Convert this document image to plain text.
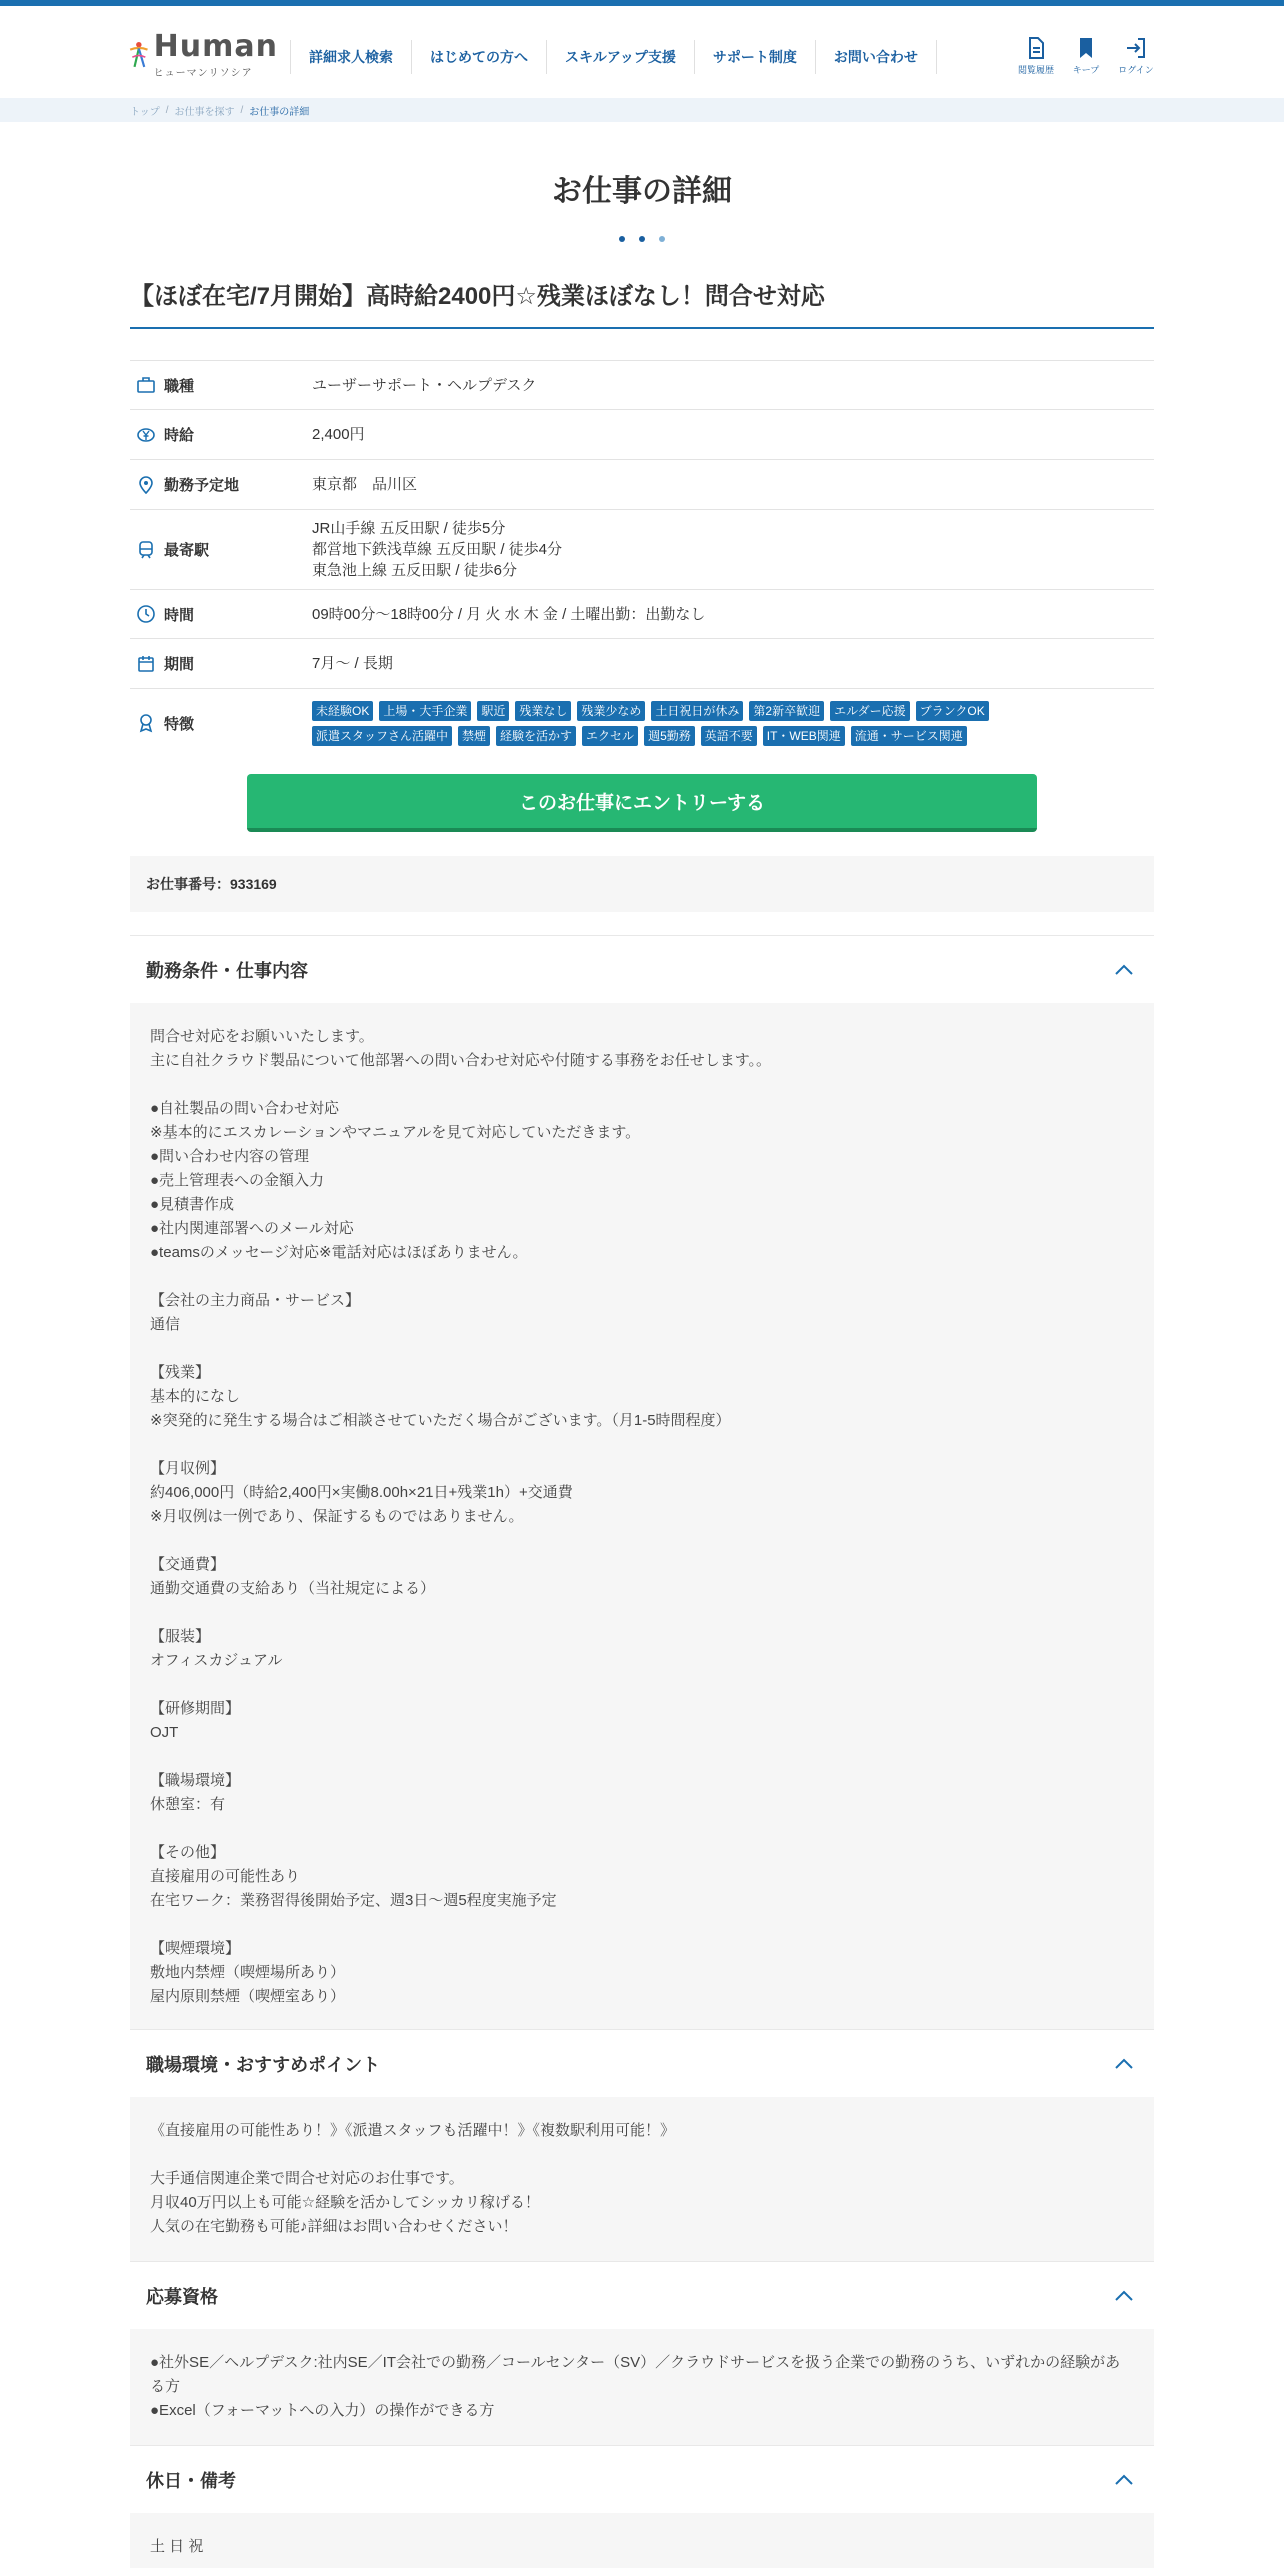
Human
ヒューマンリソシア
詳細求人検索	はじめての方へ	スキルアップ支援	サポート制度	お問い合わせ
閲覧履歴 キープ ログイン
トップ / お仕事を探す / お仕事の詳細
お仕事の詳細
【ほぼ在宅/7月開始】高時給2400円☆残業ほぼなし！問合せ対応
職種	ユーザーサポート・ヘルプデスク
時給	2,400円
勤務予定地	東京都　品川区
最寄駅
JR山手線 五反田駅 / 徒歩5分
都営地下鉄浅草線 五反田駅 / 徒歩4分
東急池上線 五反田駅 / 徒歩6分
時間	09時00分～18時00分 / 月 火 水 木 金 / 土曜出勤：出勤なし
期間	7月～ / 長期
特徴
未経験OK	上場・大手企業	駅近	残業なし	残業少なめ	土日祝日が休み	第2新卒歓迎	エルダー応援	ブランクOK
派遣スタッフさん活躍中	禁煙	経験を活かす	エクセル	週5勤務	英語不要	IT・WEB関連	流通・サービス関連
このお仕事にエントリーする
お仕事番号：933169
勤務条件・仕事内容
問合せ対応をお願いいたします。
主に自社クラウド製品について他部署への問い合わせ対応や付随する事務をお任せします。。
●自社製品の問い合わせ対応
※基本的にエスカレーションやマニュアルを見て対応していただきます。
●問い合わせ内容の管理
●売上管理表への金額入力
●見積書作成
●社内関連部署へのメール対応
●teamsのメッセージ対応※電話対応はほぼありません。
【会社の主力商品・サービス】
通信
【残業】
基本的になし
※突発的に発生する場合はご相談させていただく場合がございます。（月1-5時間程度）
【月収例】
約406,000円（時給2,400円×実働8.00h×21日+残業1h）+交通費
※月収例は一例であり、保証するものではありません。
【交通費】
通勤交通費の支給あり（当社規定による）
【服装】
オフィスカジュアル
【研修期間】
OJT
【職場環境】
休憩室：有
【その他】
直接雇用の可能性あり
在宅ワーク：業務習得後開始予定、週3日～週5程度実施予定
【喫煙環境】
敷地内禁煙（喫煙場所あり）
屋内原則禁煙（喫煙室あり）
職場環境・おすすめポイント
《直接雇用の可能性あり！》《派遣スタッフも活躍中！》《複数駅利用可能！》
大手通信関連企業で問合せ対応のお仕事です。
月収40万円以上も可能☆経験を活かしてシッカリ稼げる！
人気の在宅勤務も可能♪詳細はお問い合わせください！
応募資格
●社外SE／ヘルプデスク:社内SE／IT会社での勤務／コールセンター（SV）／クラウドサービスを扱う企業での勤務のうち、いずれかの経験がある方
●Excel（フォーマットへの入力）の操作ができる方
休日・備考
土 日 祝
